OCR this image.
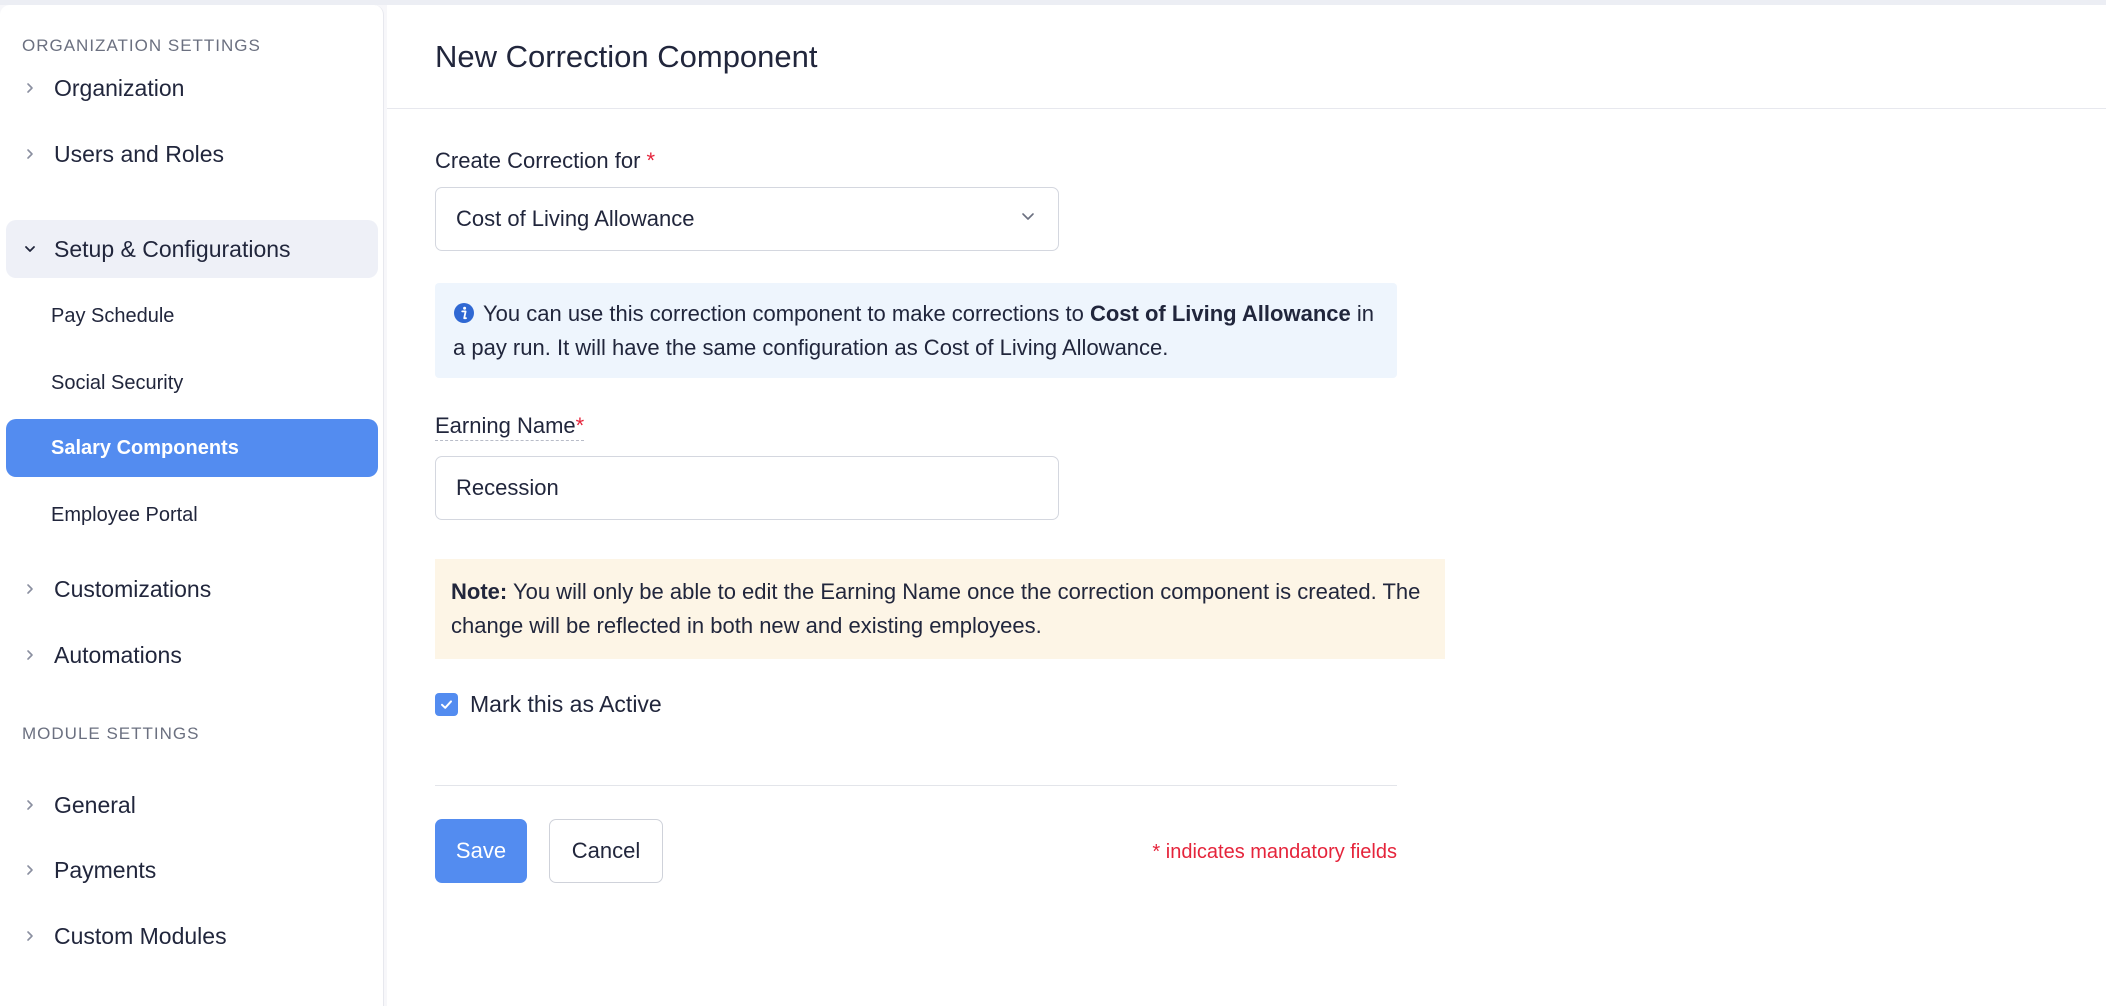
ORGANIZATION SETTINGS
Organization
Users and Roles
Setup & Configurations
Pay Schedule
Social Security
Salary Components
Employee Portal
Customizations
Automations
MODULE SETTINGS
General
Payments
Custom Modules
New Correction Component
Create Correction for *
Cost of Living Allowance
You can use this correction component to make corrections to Cost of Living Allowance in a pay run. It will have the same configuration as Cost of Living Allowance.
Earning Name*
Recession
Note: You will only be able to edit the Earning Name once the correction component is created. The change will be reflected in both new and existing employees.
Mark this as Active
Save	Cancel	* indicates mandatory fields
